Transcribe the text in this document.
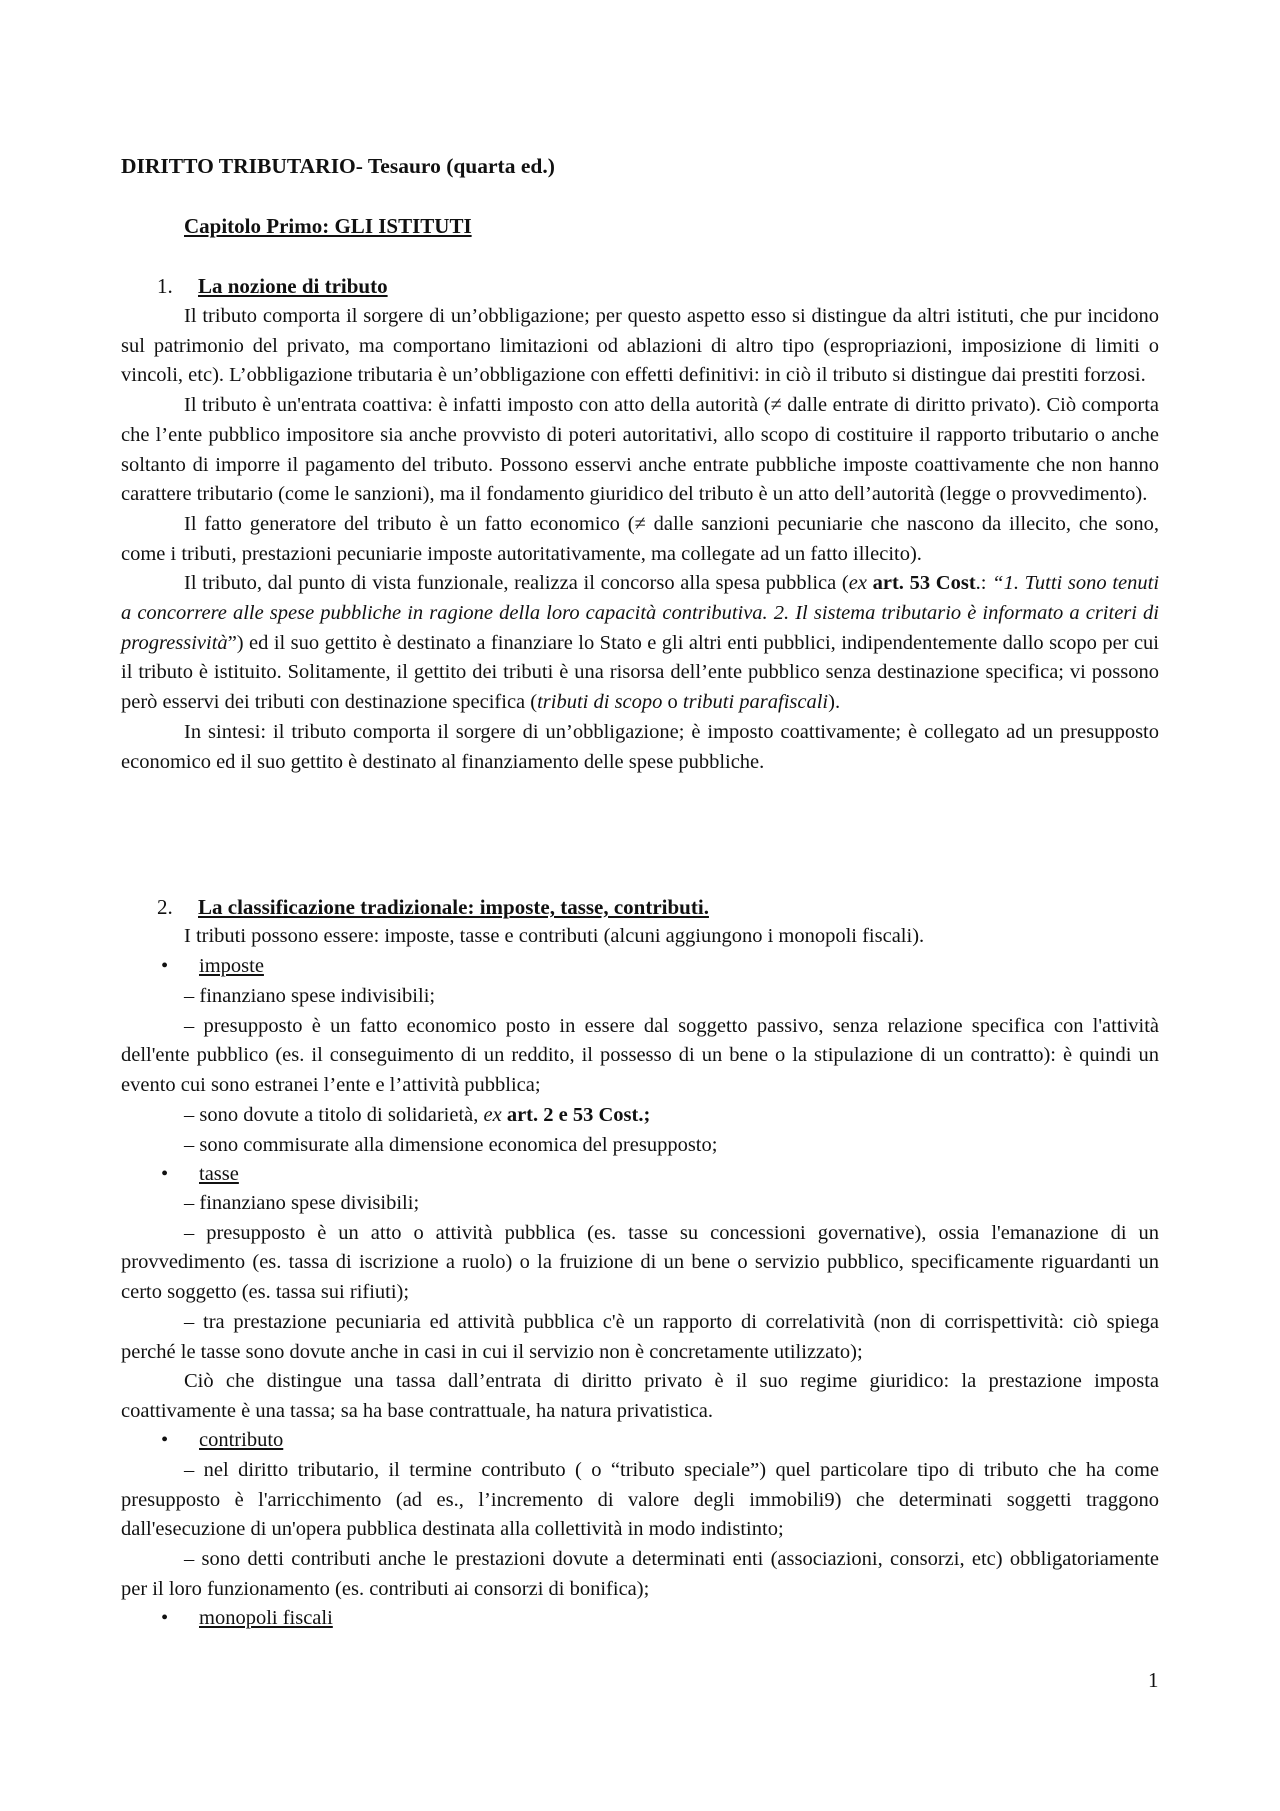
DIRITTO TRIBUTARIO- Tesauro (quarta ed.)
Capitolo Primo: GLI ISTITUTI
1. La nozione di tributo

Il tributo comporta il sorgere di un’obbligazione; per questo aspetto esso si distingue da altri istituti, che pur incidono sul patrimonio del privato, ma comportano limitazioni od ablazioni di altro tipo (espropriazioni, imposizione di limiti o vincoli, etc). L’obbligazione tributaria è un’obbligazione con effetti definitivi: in ciò il tributo si distingue dai prestiti forzosi.

Il tributo è un'entrata coattiva: è infatti imposto con atto della autorità (≠ dalle entrate di diritto privato). Ciò comporta che l’ente pubblico impositore sia anche provvisto di poteri autoritativi, allo scopo di costituire il rapporto tributario o anche soltanto di imporre il pagamento del tributo. Possono esservi anche entrate pubbliche imposte coattivamente che non hanno carattere tributario (come le sanzioni), ma il fondamento giuridico del tributo è un atto dell’autorità (legge o provvedimento).

Il fatto generatore del tributo è un fatto economico (≠ dalle sanzioni pecuniarie che nascono da illecito, che sono, come i tributi, prestazioni pecuniarie imposte autoritativamente, ma collegate ad un fatto illecito).

Il tributo, dal punto di vista funzionale, realizza il concorso alla spesa pubblica (ex art. 53 Cost.: “1. Tutti sono tenuti a concorrere alle spese pubbliche in ragione della loro capacità contributiva. 2. Il sistema tributario è informato a criteri di progressività”) ed il suo gettito è destinato a finanziare lo Stato e gli altri enti pubblici, indipendentemente dallo scopo per cui il tributo è istituito. Solitamente, il gettito dei tributi è una risorsa dell’ente pubblico senza destinazione specifica; vi possono però esservi dei tributi con destinazione specifica (tributi di scopo o tributi parafiscali).

In sintesi: il tributo comporta il sorgere di un’obbligazione; è imposto coattivamente; è collegato ad un presupposto economico ed il suo gettito è destinato al finanziamento delle spese pubbliche.

2. La classificazione tradizionale: imposte, tasse, contributi.

I tributi possono essere: imposte, tasse e contributi (alcuni aggiungono i monopoli fiscali).

• imposte

– finanziano spese indivisibili;

– presupposto è un fatto economico posto in essere dal soggetto passivo, senza relazione specifica con l'attività dell'ente pubblico (es. il conseguimento di un reddito, il possesso di un bene o la stipulazione di un contratto): è quindi un evento cui sono estranei l’ente e l’attività pubblica;

– sono dovute a titolo di solidarietà, ex art. 2 e 53 Cost.;

– sono commisurate alla dimensione economica del presupposto;

• tasse

– finanziano spese divisibili;

– presupposto è un atto o attività pubblica (es. tasse su concessioni governative), ossia l'emanazione di un provvedimento (es. tassa di iscrizione a ruolo) o la fruizione di un bene o servizio pubblico, specificamente riguardanti un certo soggetto (es. tassa sui rifiuti);

– tra prestazione pecuniaria ed attività pubblica c'è un rapporto di correlatività (non di corrispettività: ciò spiega perché le tasse sono dovute anche in casi in cui il servizio non è concretamente utilizzato);

Ciò che distingue una tassa dall’entrata di diritto privato è il suo regime giuridico: la prestazione imposta coattivamente è una tassa; sa ha base contrattuale, ha natura privatistica.

• contributo

– nel diritto tributario, il termine contributo ( o “tributo speciale”) quel particolare tipo di tributo che ha come presupposto è l'arricchimento (ad es., l’incremento di valore degli immobili9) che determinati soggetti traggono dall'esecuzione di un'opera pubblica destinata alla collettività in modo indistinto;

– sono detti contributi anche le prestazioni dovute a determinati enti (associazioni, consorzi, etc) obbligatoriamente per il loro funzionamento (es. contributi ai consorzi di bonifica);

• monopoli fiscali
1
